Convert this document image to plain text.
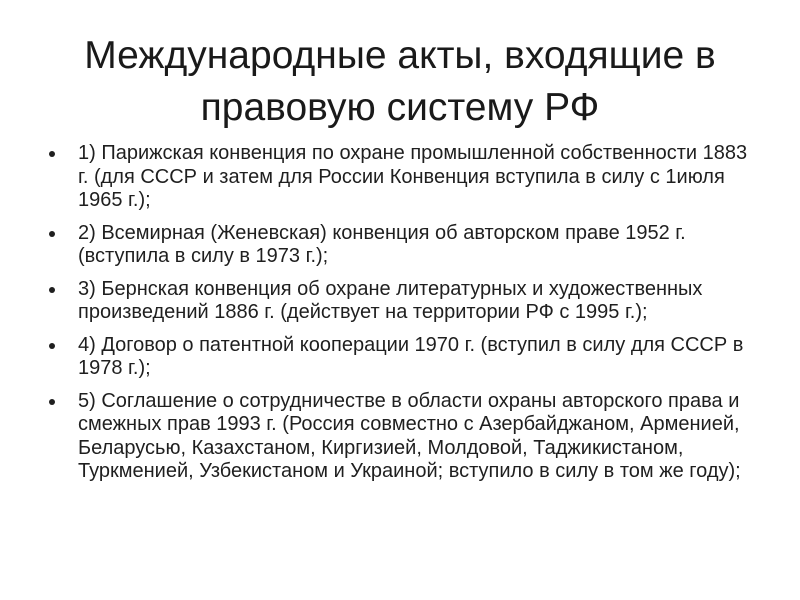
Международные акты, входящие в правовую систему РФ
1) Парижская конвенция по охране промышленной собственности 1883 г. (для СССР и затем для России Конвенция вступила в силу с 1июля 1965 г.);
2) Всемирная (Женевская) конвенция об авторском праве 1952 г. (вступила в силу в 1973 г.);
3) Бернская конвенция об охране литературных и художественных произведений 1886 г. (действует на территории РФ с 1995 г.);
4) Договор о патентной кооперации 1970 г. (вступил в силу для СССР в 1978 г.);
5) Соглашение о сотрудничестве в области охраны авторского права и смежных прав 1993 г. (Россия совместно с Азербайджаном, Арменией, Беларусью, Казахстаном, Киргизией, Молдовой, Таджикистаном, Туркменией, Узбекистаном и Украиной; вступило в силу в том же году);
